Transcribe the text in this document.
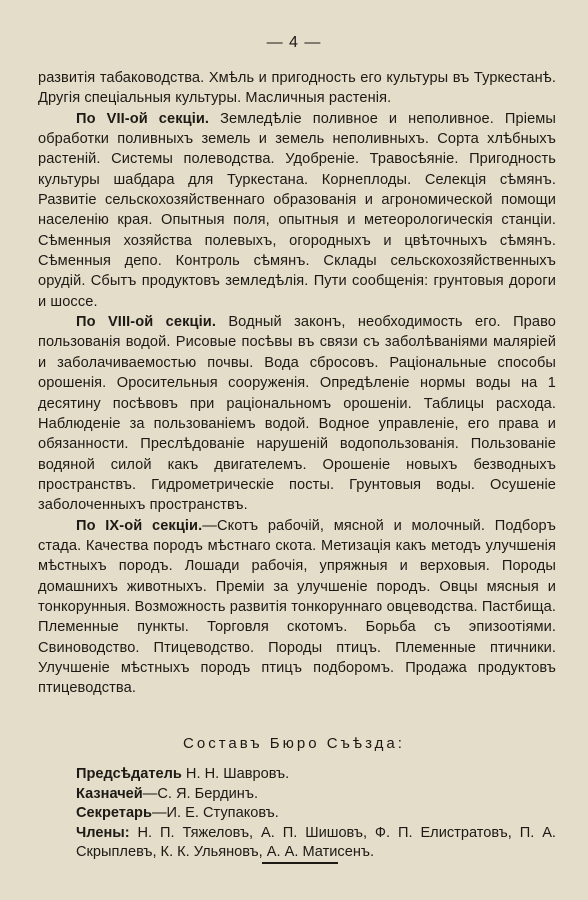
— 4 —

развитія табаководства. Хмѣль и пригодность его культуры въ Туркестанѣ. Другія спеціальныя культуры. Масличныя растенія.

По VII-ой секціи. Земледѣліе поливное и неполивное. Пріемы обработки поливныхъ земель и земель неполивныхъ. Сорта хлѣбныхъ растеній. Системы полеводства. Удобреніе. Травосѣяніе. Пригодность культуры шабдара для Туркестана. Корнеплоды. Селекція сѣмянъ. Развитіе сельскохозяйственнаго образованія и агрономической помощи населенію края. Опытныя поля, опытныя и метеорологическія станціи. Сѣменныя хозяйства полевыхъ, огородныхъ и цвѣточныхъ сѣмянъ. Сѣменныя депо. Контроль сѣмянъ. Склады сельскохозяйственныхъ орудій. Сбытъ продуктовъ земледѣлія. Пути сообщенія: грунтовыя дороги и шоссе.

По VIII-ой секціи. Водный законъ, необходимость его. Право пользованія водой. Рисовые посѣвы въ связи съ заболѣваніями маляріей и заболачиваемостью почвы. Вода сбросовъ. Раціональные способы орошенія. Оросительныя сооруженія. Опредѣленіе нормы воды на 1 десятину посѣвовъ при раціональномъ орошеніи. Таблицы расхода. Наблюденіе за пользованіемъ водой. Водное управленіе, его права и обязанности. Преслѣдованіе нарушеній водопользованія. Пользованіе водяной силой какъ двигателемъ. Орошеніе новыхъ безводныхъ пространствъ. Гидрометрическіе посты. Грунтовыя воды. Осушеніе заболоченныхъ пространствъ.

По IX-ой секціи.—Скотъ рабочій, мясной и молочный. Подборъ стада. Качества породъ мѣстнаго скота. Метизація какъ методъ улучшенія мѣстныхъ породъ. Лошади рабочія, упряжныя и верховыя. Породы домашнихъ животныхъ. Преміи за улучшеніе породъ. Овцы мясныя и тонкорунныя. Возможность развитія тонкоруннаго овцеводства. Пастбища. Племенные пункты. Торговля скотомъ. Борьба съ эпизоотіями. Свиноводство. Птицеводство. Породы птицъ. Племенные птичники. Улучшеніе мѣстныхъ породъ птицъ подборомъ. Продажа продуктовъ птицеводства.

Составъ Бюро Съѣзда:

Предсѣдатель Н. Н. Шавровъ.

Казначей—С. Я. Бердинъ.

Секретарь—И. Е. Ступаковъ.

Члены: Н. П. Тяжеловъ, А. П. Шишовъ, Ф. П. Елистратовъ, П. А. Скрыплевъ, К. К. Ульяновъ, А. А. Матисенъ.
